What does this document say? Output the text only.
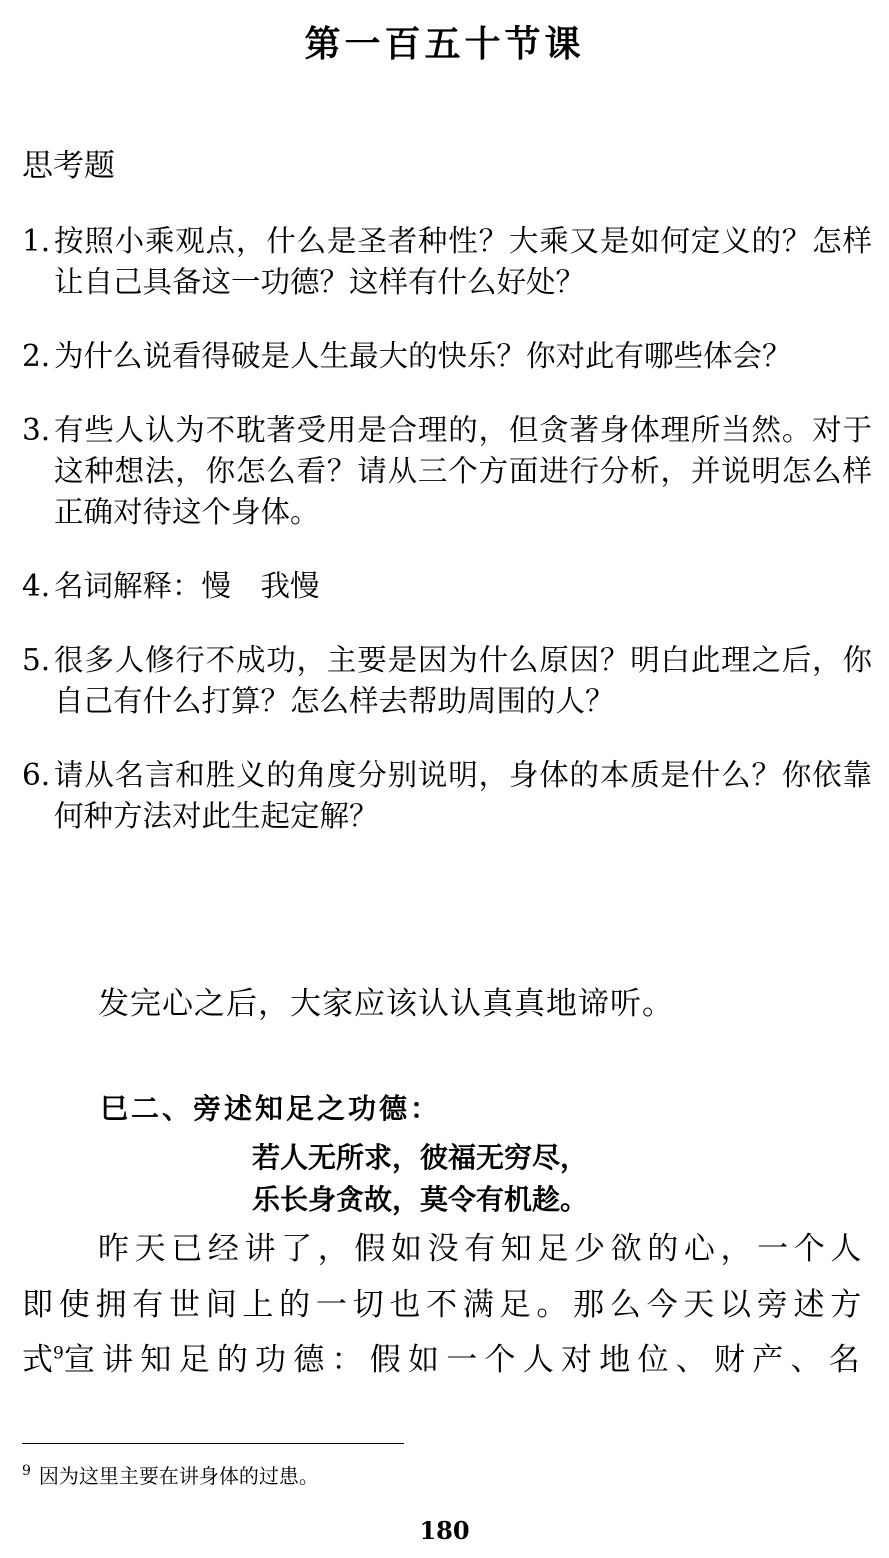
第一百五十节课
思考题
1. 按照小乘观点，什么是圣者种性？大乘又是如何定义的？怎样让自己具备这一功德？这样有什么好处？
2. 为什么说看得破是人生最大的快乐？你对此有哪些体会？
3. 有些人认为不耽著受用是合理的，但贪著身体理所当然。对于这种想法，你怎么看？请从三个方面进行分析，并说明怎么样正确对待这个身体。
4. 名词解释：慢　我慢
5. 很多人修行不成功，主要是因为什么原因？明白此理之后，你自己有什么打算？怎么样去帮助周围的人？
6. 请从名言和胜义的角度分别说明，身体的本质是什么？你依靠何种方法对此生起定解？
发完心之后，大家应该认认真真地谛听。
巳二、旁述知足之功德：
若人无所求，彼福无穷尽，
乐长身贪故，莫令有机趁。
昨天已经讲了，假如没有知足少欲的心，一个人
即使拥有世间上的一切也不满足。那么今天以旁述方
式$^9$宣讲知足的功德：假如一个人对地位、财产、名
$^9$ 因为这里主要在讲身体的过患。
180
